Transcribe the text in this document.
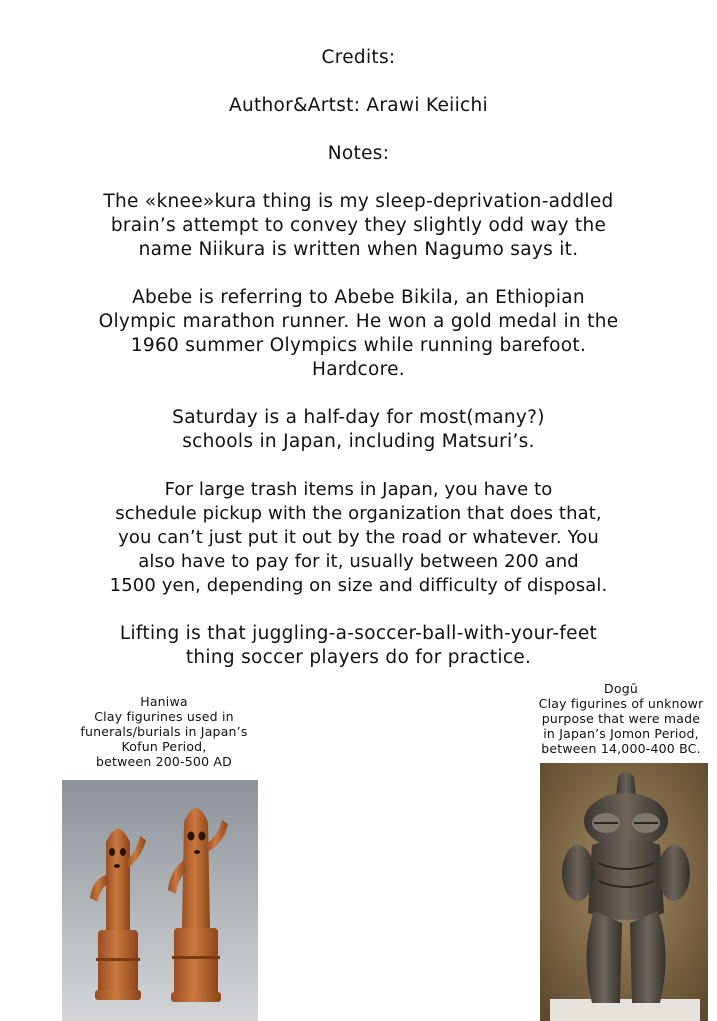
Credits:
Author&Artst: Arawi Keiichi
Notes:
The «knee»kura thing is my sleep-deprivation-addled
brain’s attempt to convey they slightly odd way the
name Niikura is written when Nagumo says it.
Abebe is referring to Abebe Bikila, an Ethiopian
Olympic marathon runner. He won a gold medal in the
1960 summer Olympics while running barefoot.
Hardcore.
Saturday is a half-day for most(many?)
schools in Japan, including Matsuri’s.
For large trash items in Japan, you have to
schedule pickup with the organization that does that,
you can’t just put it out by the road or whatever. You
also have to pay for it, usually between 200 and
1500 yen, depending on size and difficulty of disposal.
Lifting is that juggling-a-soccer-ball-with-your-feet
thing soccer players do for practice.
Haniwa
Clay figurines used in
funerals/burials in Japan’s
Kofun Period,
between 200-500 AD
Dogū
Clay figurines of unknowr
purpose that were made
in Japan’s Jomon Period,
between 14,000-400 BC.
